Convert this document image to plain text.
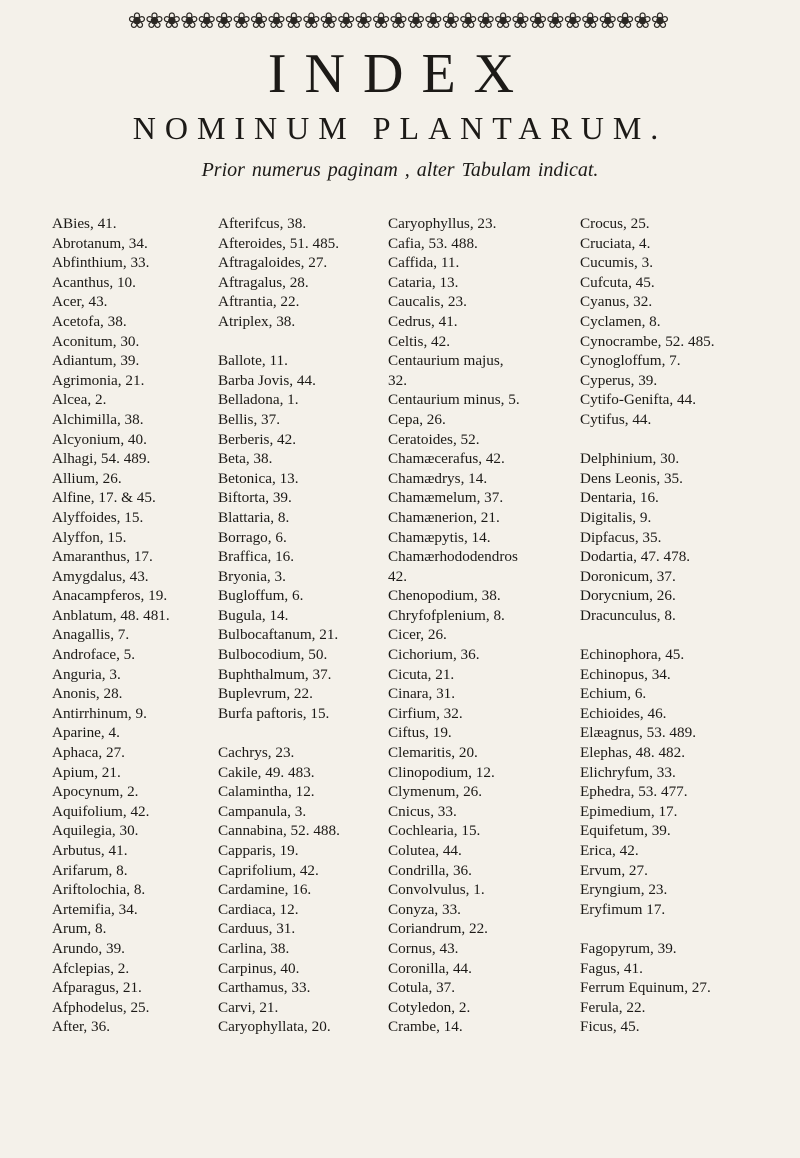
❀❀❀❀❀❀❀❀❀❀❀❀❀❀❀❀❀❀❀❀❀❀❀❀❀❀❀❀❀❀❀
INDEX
NOMINUM PLANTARUM.
Prior numerus paginam , alter Tabulam indicat.
ABies, 41.
Abrotanum, 34.
Abfinthium, 33.
Acanthus, 10.
Acer, 43.
Acetofa, 38.
Aconitum, 30.
Adiantum, 39.
Agrimonia, 21.
Alcea, 2.
Alchimilla, 38.
Alcyonium, 40.
Alhagi, 54. 489.
Allium, 26.
Alfine, 17. & 45.
Alyffoides, 15.
Alyffon, 15.
Amaranthus, 17.
Amygdalus, 43.
Anacampferos, 19.
Anblatum, 48. 481.
Anagallis, 7.
Androface, 5.
Anguria, 3.
Anonis, 28.
Antirrhinum, 9.
Aparine, 4.
Aphaca, 27.
Apium, 21.
Apocynum, 2.
Aquifolium, 42.
Aquilegia, 30.
Arbutus, 41.
Arifarum, 8.
Ariftolochia, 8.
Artemifia, 34.
Arum, 8.
Arundo, 39.
Afclepias, 2.
Afparagus, 21.
Afphodelus, 25.
After, 36.
Afterifcus, 38.
Afteroides, 51. 485.
Aftragaloides, 27.
Aftragalus, 28.
Aftrantia, 22.
Atriplex, 38.
Ballote, 11.
Barba Jovis, 44.
Belladona, 1.
Bellis, 37.
Berberis, 42.
Beta, 38.
Betonica, 13.
Biftorta, 39.
Blattaria, 8.
Borrago, 6.
Braffica, 16.
Bryonia, 3.
Bugloffum, 6.
Bugula, 14.
Bulbocaftanum, 21.
Bulbocodium, 50.
Buphthalmum, 37.
Buplevrum, 22.
Burfa paftoris, 15.
Cachrys, 23.
Cakile, 49. 483.
Calamintha, 12.
Campanula, 3.
Cannabina, 52. 488.
Capparis, 19.
Caprifolium, 42.
Cardamine, 16.
Cardiaca, 12.
Carduus, 31.
Carlina, 38.
Carpinus, 40.
Carthamus, 33.
Carvi, 21.
Caryophyllata, 20.
Caryophyllus, 23.
Cafia, 53. 488.
Caffida, 11.
Cataria, 13.
Caucalis, 23.
Cedrus, 41.
Celtis, 42.
Centaurium majus,
32.
Centaurium minus, 5.
Cepa, 26.
Ceratoides, 52.
Chamæcerafus, 42.
Chamædrys, 14.
Chamæmelum, 37.
Chamænerion, 21.
Chamæpytis, 14.
Chamærhododendros
42.
Chenopodium, 38.
Chryfofplenium, 8.
Cicer, 26.
Cichorium, 36.
Cicuta, 21.
Cinara, 31.
Cirfium, 32.
Ciftus, 19.
Clemaritis, 20.
Clinopodium, 12.
Clymenum, 26.
Cnicus, 33.
Cochlearia, 15.
Colutea, 44.
Condrilla, 36.
Convolvulus, 1.
Conyza, 33.
Coriandrum, 22.
Cornus, 43.
Coronilla, 44.
Cotula, 37.
Cotyledon, 2.
Crambe, 14.
Crocus, 25.
Cruciata, 4.
Cucumis, 3.
Cufcuta, 45.
Cyanus, 32.
Cyclamen, 8.
Cynocrambe, 52. 485.
Cynogloffum, 7.
Cyperus, 39.
Cytifo-Genifta, 44.
Cytifus, 44.
Delphinium, 30.
Dens Leonis, 35.
Dentaria, 16.
Digitalis, 9.
Dipfacus, 35.
Dodartia, 47. 478.
Doronicum, 37.
Dorycnium, 26.
Dracunculus, 8.
Echinophora, 45.
Echinopus, 34.
Echium, 6.
Echioides, 46.
Elæagnus, 53. 489.
Elephas, 48. 482.
Elichryfum, 33.
Ephedra, 53. 477.
Epimedium, 17.
Equifetum, 39.
Erica, 42.
Ervum, 27.
Eryngium, 23.
Eryfimum 17.
Fagopyrum, 39.
Fagus, 41.
Ferrum Equinum, 27.
Ferula, 22.
Ficus, 45.
